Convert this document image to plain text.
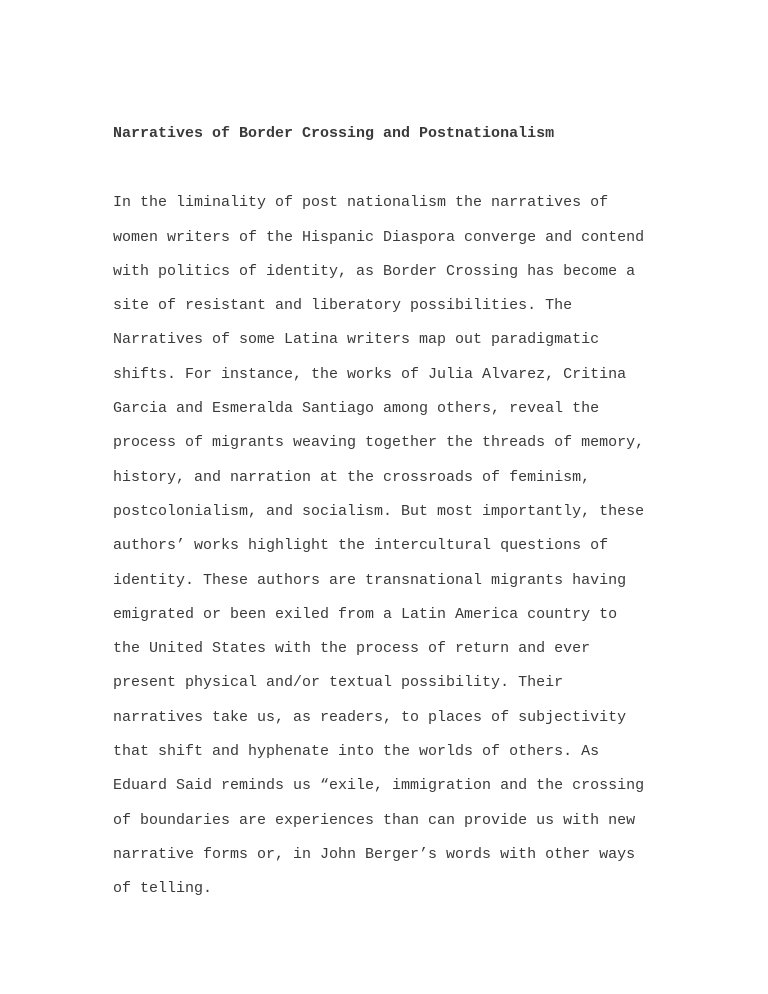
Narratives of Border Crossing and Postnationalism
In the liminality of post nationalism the narratives of
women writers of the Hispanic Diaspora converge and contend
with politics of identity, as Border Crossing has become a
site of resistant and liberatory possibilities. The
Narratives of some Latina writers map out paradigmatic
shifts. For instance, the works of Julia Alvarez, Critina
Garcia and Esmeralda Santiago among others, reveal the
process of migrants weaving together the threads of memory,
history, and narration at the crossroads of feminism,
postcolonialism, and socialism. But most importantly, these
authors’ works highlight the intercultural questions of
identity. These authors are transnational migrants having
emigrated or been exiled from a Latin America country to
the United States with the process of return and ever
present physical and/or textual possibility. Their
narratives take us, as readers, to places of subjectivity
that shift and hyphenate into the worlds of others. As
Eduard Said reminds us “exile, immigration and the crossing
of boundaries are experiences than can provide us with new
narrative forms or, in John Berger’s words with other ways
of telling.
